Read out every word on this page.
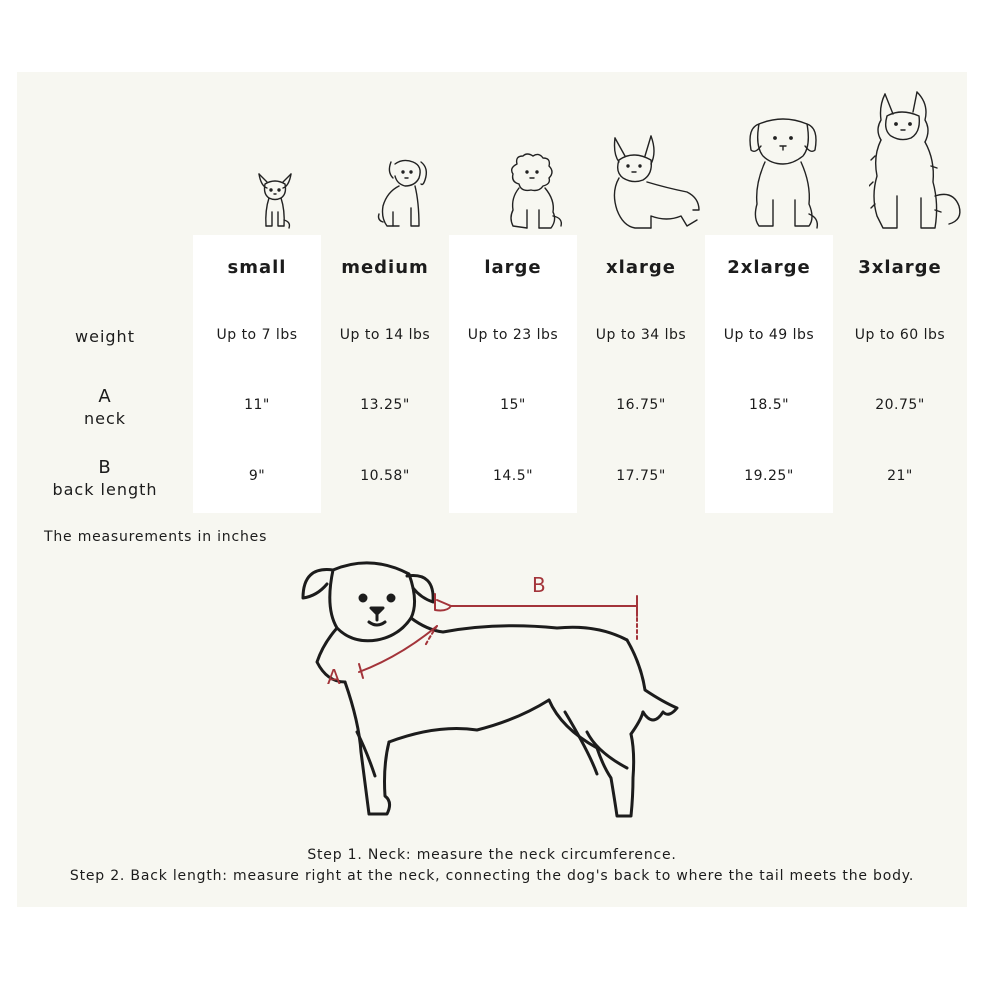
weight
A
neck
B
back length
small
Up to 7 lbs
11"
9"
medium
Up to 14 lbs
13.25"
10.58"
large
Up to 23 lbs
15"
14.5"
xlarge
Up to 34 lbs
16.75"
17.75"
2xlarge
Up to 49 lbs
18.5"
19.25"
3xlarge
Up to 60 lbs
20.75"
21"
The measurements in inches
B
A
Step 1. Neck: measure the neck circumference.
Step 2. Back length: measure right at the neck, connecting the dog's back to where the tail meets the body.
